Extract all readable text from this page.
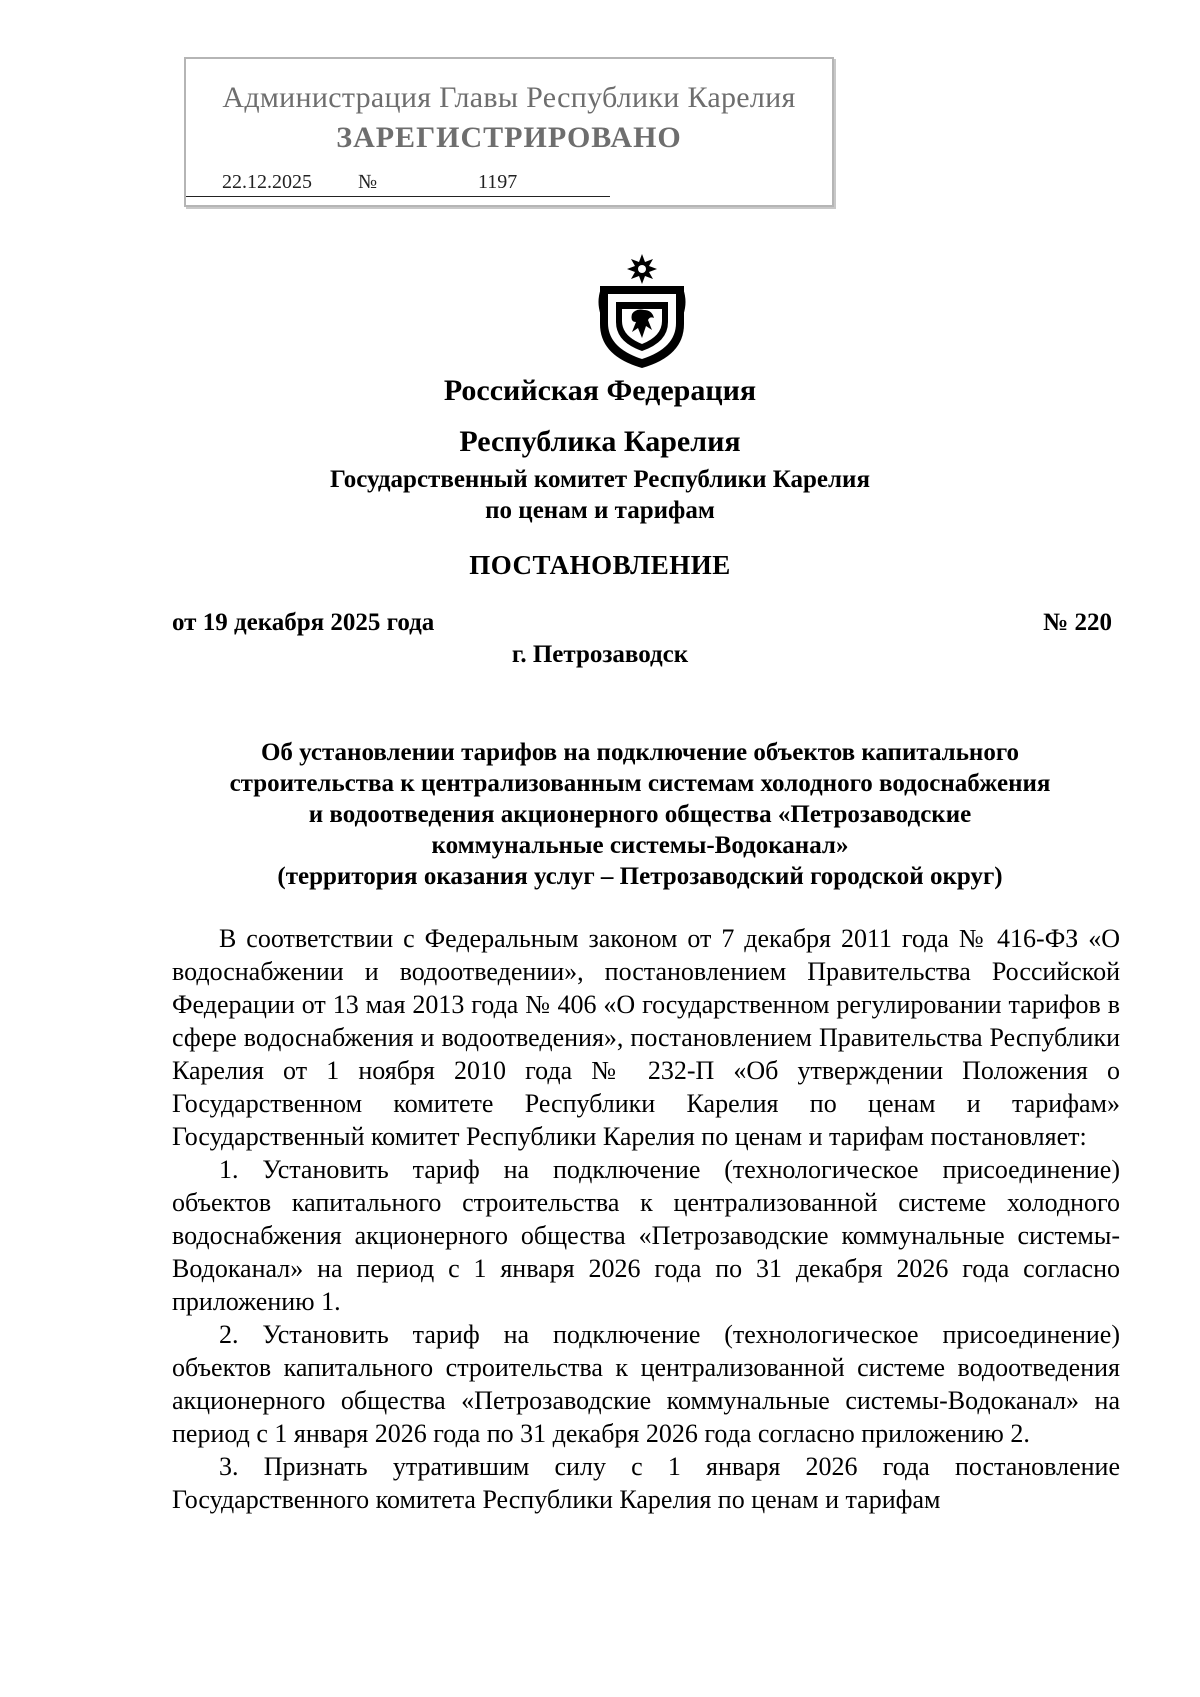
Администрация Главы Республики Карелия
ЗАРЕГИСТРИРОВАНО
22.12.2025 №	1197
Российская Федерация
Республика Карелия
Государственный комитет Республики Карелия
по ценам и тарифам
ПОСТАНОВЛЕНИЕ
от 19 декабря 2025 года	№ 220
г. Петрозаводск
Об установлении тарифов на подключение объектов капитального
строительства к централизованным системам холодного водоснабжения
и водоотведения акционерного общества «Петрозаводские
коммунальные системы-Водоканал»
(территория оказания услуг – Петрозаводский городской округ)

В соответствии с Федеральным законом от 7 декабря 2011 года № 416-ФЗ «О водоснабжении и водоотведении», постановлением Правительства Российской Федерации от 13 мая 2013 года № 406 «О государственном регулировании тарифов в сфере водоснабжения и водоотведения», постановлением Правительства Республики Карелия от 1 ноября 2010 года № 232-П «Об утверждении Положения о Государственном комитете Республики Карелия по ценам и тарифам» Государственный комитет Республики Карелия по ценам и тарифам постановляет:

1. Установить тариф на подключение (технологическое присоединение) объектов капитального строительства к централизованной системе холодного водоснабжения акционерного общества «Петрозаводские коммунальные системы-Водоканал» на период с 1 января 2026 года по 31 декабря 2026 года согласно приложению 1.

2. Установить тариф на подключение (технологическое присоединение) объектов капитального строительства к централизованной системе водоотведения акционерного общества «Петрозаводские коммунальные системы-Водоканал» на период с 1 января 2026 года по 31 декабря 2026 года согласно приложению 2.

3. Признать утратившим силу с 1 января 2026 года постановление Государственного комитета Республики Карелия по ценам и тарифам
